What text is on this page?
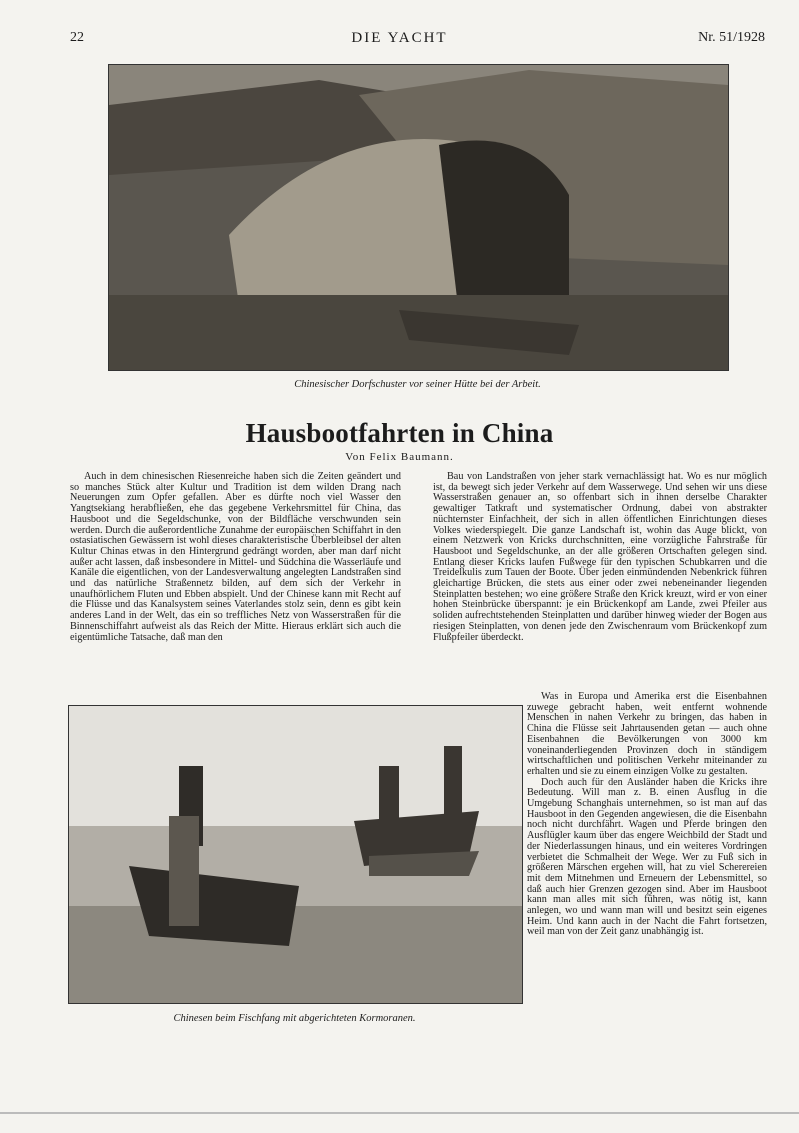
22	DIE YACHT	Nr. 51/1928
Chinesischer Dorfschuster vor seiner Hütte bei der Arbeit.
Hausbootfahrten in China
Von Felix Baumann.

Auch in dem chinesischen Riesenreiche haben sich die Zeiten geändert und so manches Stück alter Kultur und Tradition ist dem wilden Drang nach Neuerungen zum Opfer gefallen. Aber es dürfte noch viel Wasser den Yangtsekiang herabfließen, ehe das gegebene Verkehrsmittel für China, das Hausboot und die Segeldschunke, von der Bildfläche verschwunden sein werden. Durch die außerordentliche Zunahme der europäischen Schiffahrt in den ostasiatischen Gewässern ist wohl dieses charakteristische Überbleibsel der alten Kultur Chinas etwas in den Hintergrund gedrängt worden, aber man darf nicht außer acht lassen, daß insbesondere in Mittel- und Südchina die Wasserläufe und Kanäle die eigentlichen, von der Landesverwaltung angelegten Landstraßen sind und das natürliche Straßennetz bilden, auf dem sich der Verkehr in unaufhörlichem Fluten und Ebben abspielt. Und der Chinese kann mit Recht auf die Flüsse und das Kanalsystem seines Vaterlandes stolz sein, denn es gibt kein anderes Land in der Welt, das ein so treffliches Netz von Wasserstraßen für die Binnenschiffahrt aufweist als das Reich der Mitte. Hieraus erklärt sich auch die eigentümliche Tatsache, daß man den

Bau von Landstraßen von jeher stark vernachlässigt hat. Wo es nur möglich ist, da bewegt sich jeder Verkehr auf dem Wasserwege. Und sehen wir uns diese Wasserstraßen genauer an, so offenbart sich in ihnen derselbe Charakter gewaltiger Tatkraft und systematischer Ordnung, dabei von abstrakter nüchternster Einfachheit, der sich in allen öffentlichen Einrichtungen dieses Volkes wiederspiegelt. Die ganze Landschaft ist, wohin das Auge blickt, von einem Netzwerk von Kricks durchschnitten, eine vorzügliche Fahrstraße für Hausboot und Segeldschunke, an der alle größeren Ortschaften gelegen sind. Entlang dieser Kricks laufen Fußwege für den typischen Schubkarren und die Treidelkulis zum Tauen der Boote. Über jeden einmündenden Nebenkrick führen gleichartige Brücken, die stets aus einer oder zwei nebeneinander liegenden Steinplatten bestehen; wo eine größere Straße den Krick kreuzt, wird er von einer hohen Steinbrücke überspannt: je ein Brückenkopf am Lande, zwei Pfeiler aus soliden aufrechtstehenden Steinplatten und darüber hinweg wieder der Bogen aus riesigen Steinplatten, von denen jede den Zwischenraum vom Brückenkopf zum Flußpfeiler überdeckt.

Chinesen beim Fischfang mit abgerichteten Kormoranen.

Was in Europa und Amerika erst die Eisenbahnen zuwege gebracht haben, weit entfernt wohnende Menschen in nahen Verkehr zu bringen, das haben in China die Flüsse seit Jahrtausenden getan — auch ohne Eisenbahnen die Bevölkerungen von 3000 km voneinanderliegenden Provinzen doch in ständigem wirtschaftlichen und politischen Verkehr miteinander zu erhalten und sie zu einem einzigen Volke zu gestalten.

Doch auch für den Ausländer haben die Kricks ihre Bedeutung. Will man z. B. einen Ausflug in die Umgebung Schanghais unternehmen, so ist man auf das Hausboot in den Gegenden angewiesen, die die Eisenbahn noch nicht durchfährt. Wagen und Pferde bringen den Ausflügler kaum über das engere Weichbild der Stadt und der Niederlassungen hinaus, und ein weiteres Vordringen verbietet die Schmalheit der Wege. Wer zu Fuß sich in größeren Märschen ergehen will, hat zu viel Scherereien mit dem Mitnehmen und Erneuern der Lebensmittel, so daß auch hier Grenzen gezogen sind. Aber im Hausboot kann man alles mit sich führen, was nötig ist, kann anlegen, wo und wann man will und besitzt sein eigenes Heim. Und kann auch in der Nacht die Fahrt fortsetzen, weil man von der Zeit ganz unabhängig ist.
